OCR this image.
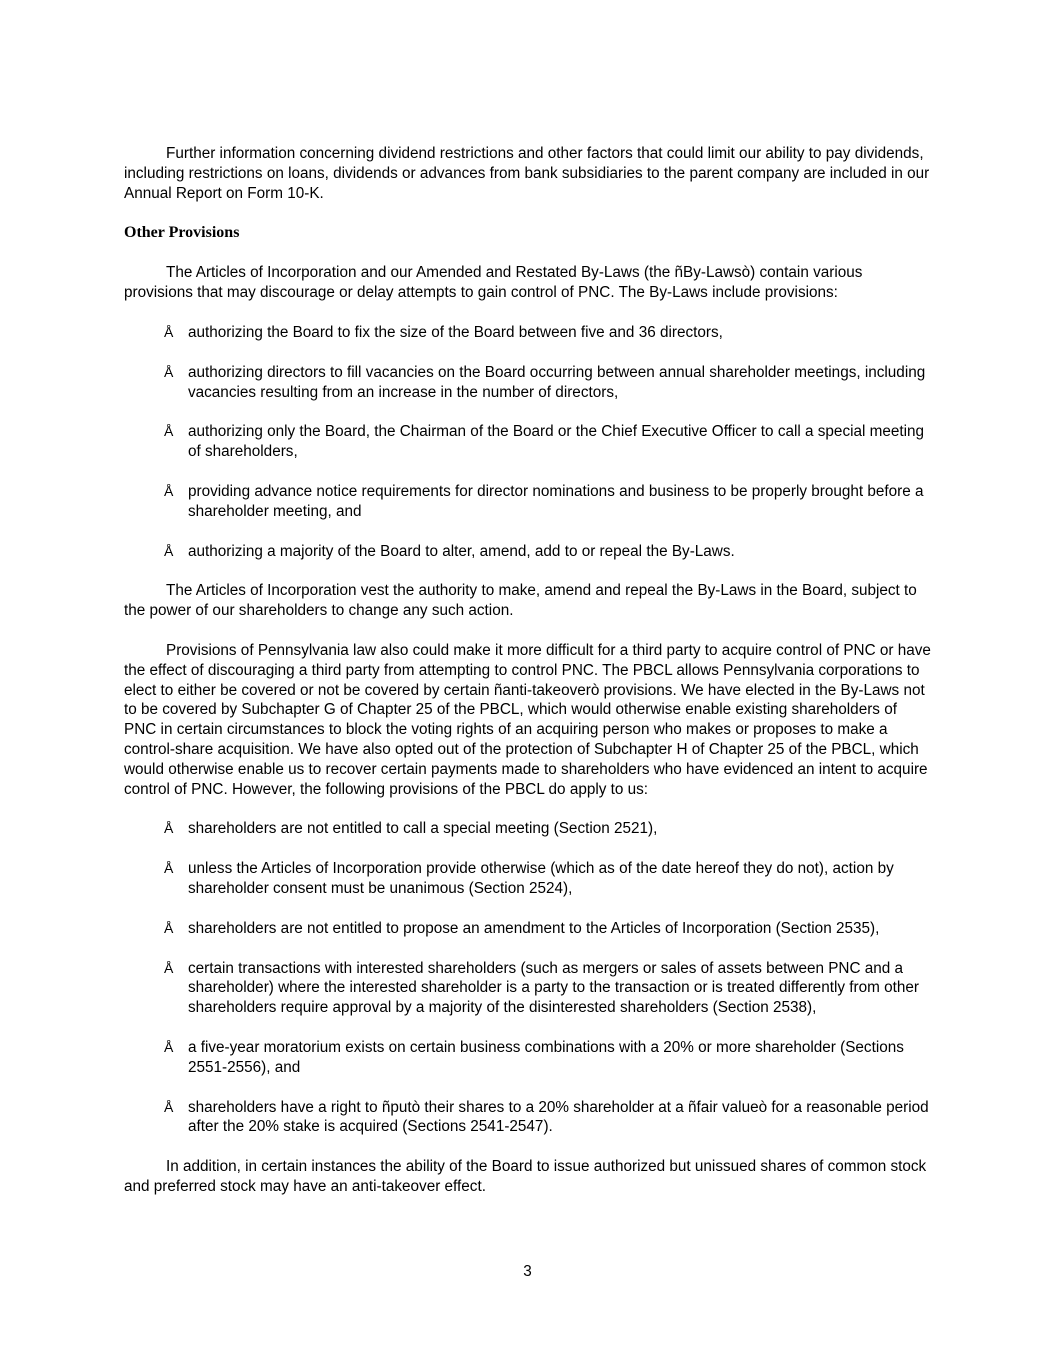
Further information concerning dividend restrictions and other factors that could limit our ability to pay dividends, including restrictions on loans, dividends or advances from bank subsidiaries to the parent company are included in our Annual Report on Form 10-K.

Other Provisions

The Articles of Incorporation and our Amended and Restated By-Laws (the ñBy-Lawsò) contain various provisions that may discourage or delay attempts to gain control of PNC. The By-Laws include provisions:

Å authorizing the Board to fix the size of the Board between five and 36 directors,
Å authorizing directors to fill vacancies on the Board occurring between annual shareholder meetings, including vacancies resulting from an increase in the number of directors,
Å authorizing only the Board, the Chairman of the Board or the Chief Executive Officer to call a special meeting of shareholders,
Å providing advance notice requirements for director nominations and business to be properly brought before a shareholder meeting, and
Å authorizing a majority of the Board to alter, amend, add to or repeal the By-Laws.

The Articles of Incorporation vest the authority to make, amend and repeal the By-Laws in the Board, subject to the power of our shareholders to change any such action.

Provisions of Pennsylvania law also could make it more difficult for a third party to acquire control of PNC or have the effect of discouraging a third party from attempting to control PNC. The PBCL allows Pennsylvania corporations to elect to either be covered or not be covered by certain ñanti-takeoverò provisions. We have elected in the By-Laws not to be covered by Subchapter G of Chapter 25 of the PBCL, which would otherwise enable existing shareholders of PNC in certain circumstances to block the voting rights of an acquiring person who makes or proposes to make a control-share acquisition. We have also opted out of the protection of Subchapter H of Chapter 25 of the PBCL, which would otherwise enable us to recover certain payments made to shareholders who have evidenced an intent to acquire control of PNC. However, the following provisions of the PBCL do apply to us:

Å shareholders are not entitled to call a special meeting (Section 2521),
Å unless the Articles of Incorporation provide otherwise (which as of the date hereof they do not), action by shareholder consent must be unanimous (Section 2524),
Å shareholders are not entitled to propose an amendment to the Articles of Incorporation (Section 2535),
Å certain transactions with interested shareholders (such as mergers or sales of assets between PNC and a shareholder) where the interested shareholder is a party to the transaction or is treated differently from other shareholders require approval by a majority of the disinterested shareholders (Section 2538),
Å a five-year moratorium exists on certain business combinations with a 20% or more shareholder (Sections 2551-2556), and
Å shareholders have a right to ñputò their shares to a 20% shareholder at a ñfair valueò for a reasonable period after the 20% stake is acquired (Sections 2541-2547).

In addition, in certain instances the ability of the Board to issue authorized but unissued shares of common stock and preferred stock may have an anti-takeover effect.

3
